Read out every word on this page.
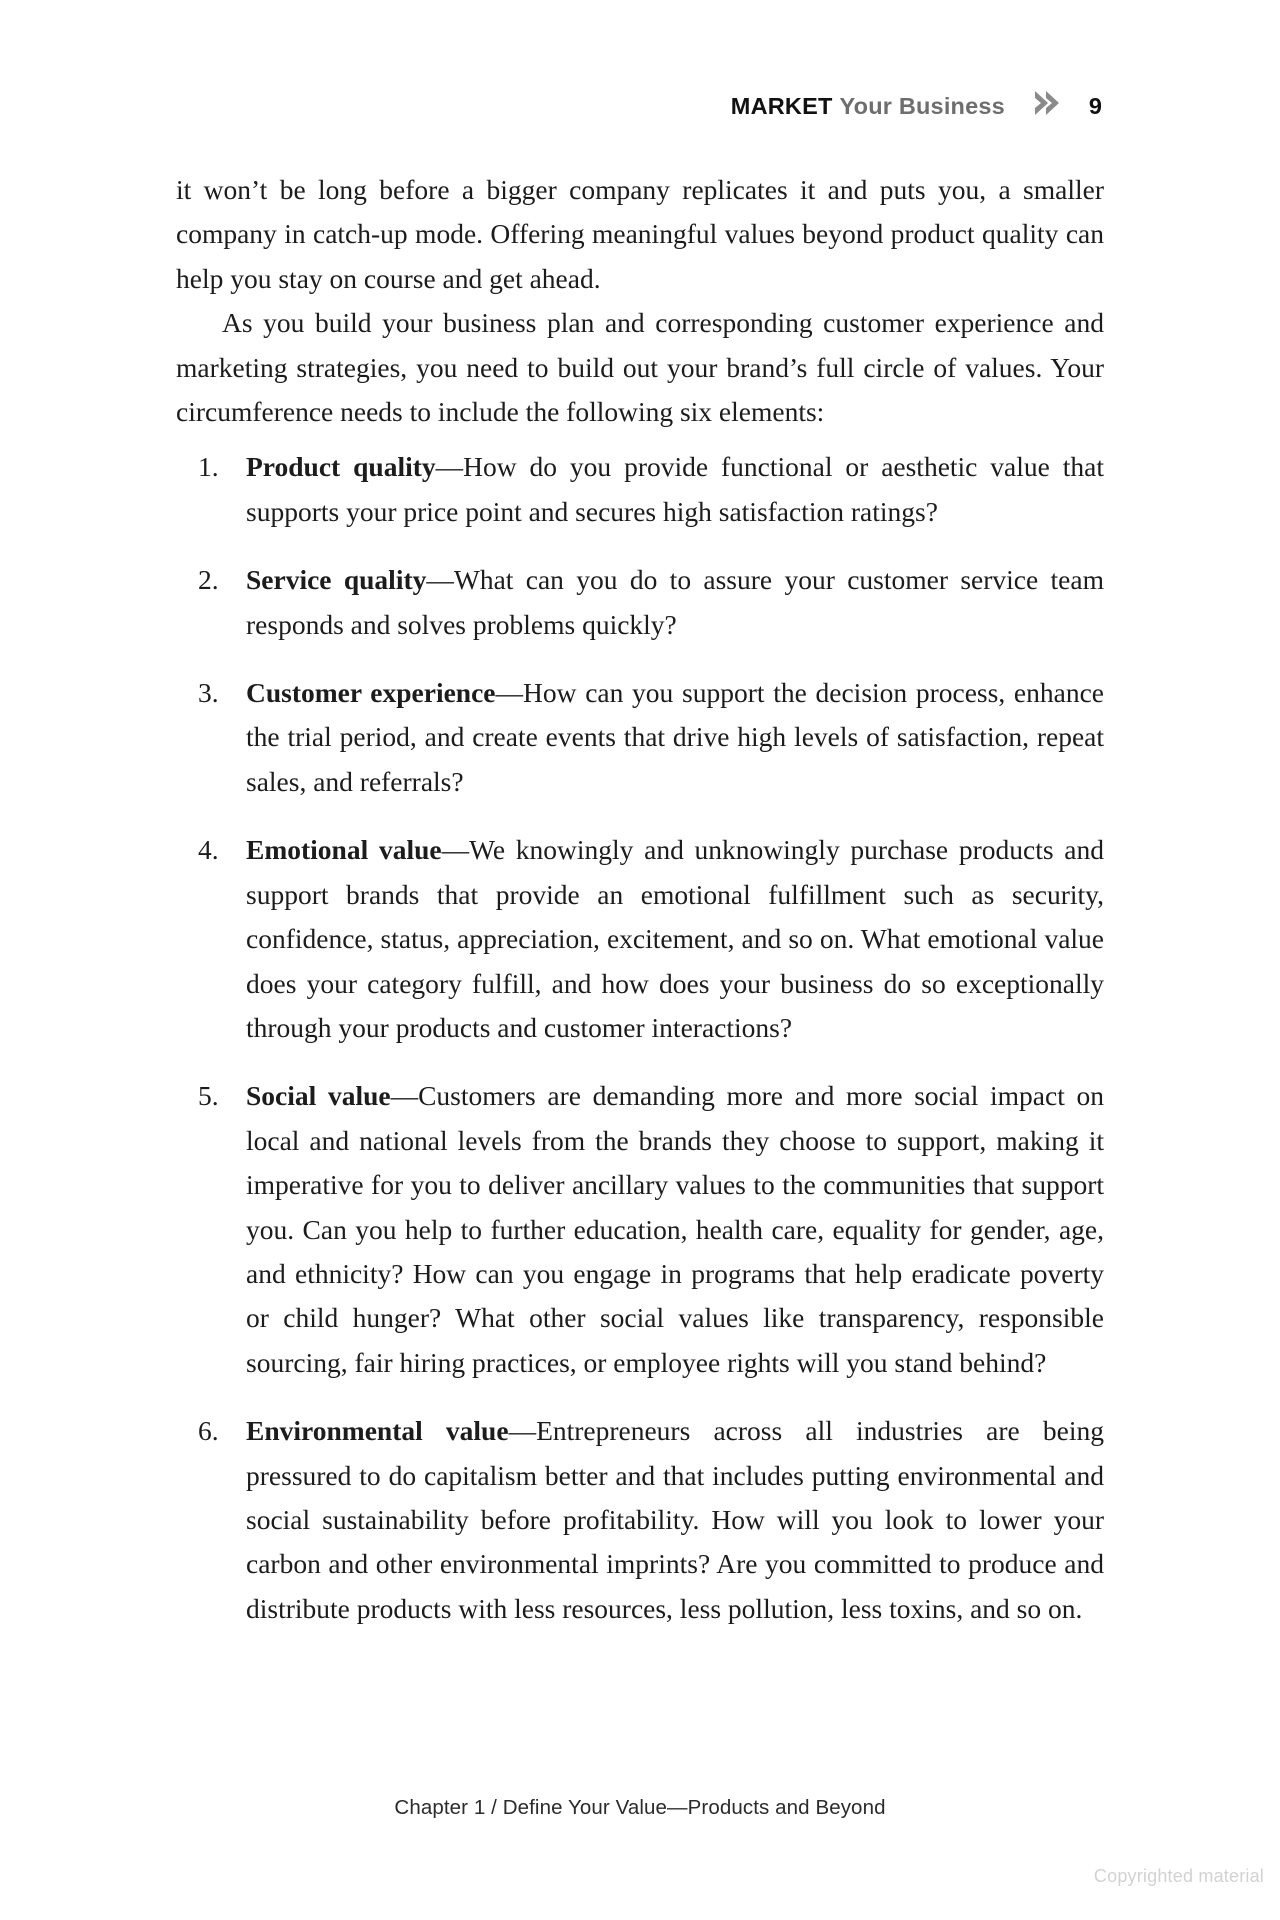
MARKET Your Business	9

it won’t be long before a bigger company replicates it and puts you, a smaller company in catch-up mode. Offering meaningful values beyond product quality can help you stay on course and get ahead.

As you build your business plan and corresponding customer experience and marketing strategies, you need to build out your brand’s full circle of values. Your circumference needs to include the following six elements:

1. Product quality—How do you provide functional or aesthetic value that supports your price point and secures high satisfaction ratings?
2. Service quality—What can you do to assure your customer service team responds and solves problems quickly?
3. Customer experience—How can you support the decision process, enhance the trial period, and create events that drive high levels of satisfaction, repeat sales, and referrals?
4. Emotional value—We knowingly and unknowingly purchase products and support brands that provide an emotional fulfillment such as security, confidence, status, appreciation, excitement, and so on. What emotional value does your category fulfill, and how does your business do so exceptionally through your products and customer interactions?
5. Social value—Customers are demanding more and more social impact on local and national levels from the brands they choose to support, making it imperative for you to deliver ancillary values to the communities that support you. Can you help to further education, health care, equality for gender, age, and ethnicity? How can you engage in programs that help eradicate poverty or child hunger? What other social values like transparency, responsible sourcing, fair hiring practices, or employee rights will you stand behind?
6. Environmental value—Entrepreneurs across all industries are being pressured to do capitalism better and that includes putting environmental and social sustainability before profitability. How will you look to lower your carbon and other environmental imprints? Are you committed to produce and distribute products with less resources, less pollution, less toxins, and so on.
Chapter 1 / Define Your Value—Products and Beyond
Copyrighted material
